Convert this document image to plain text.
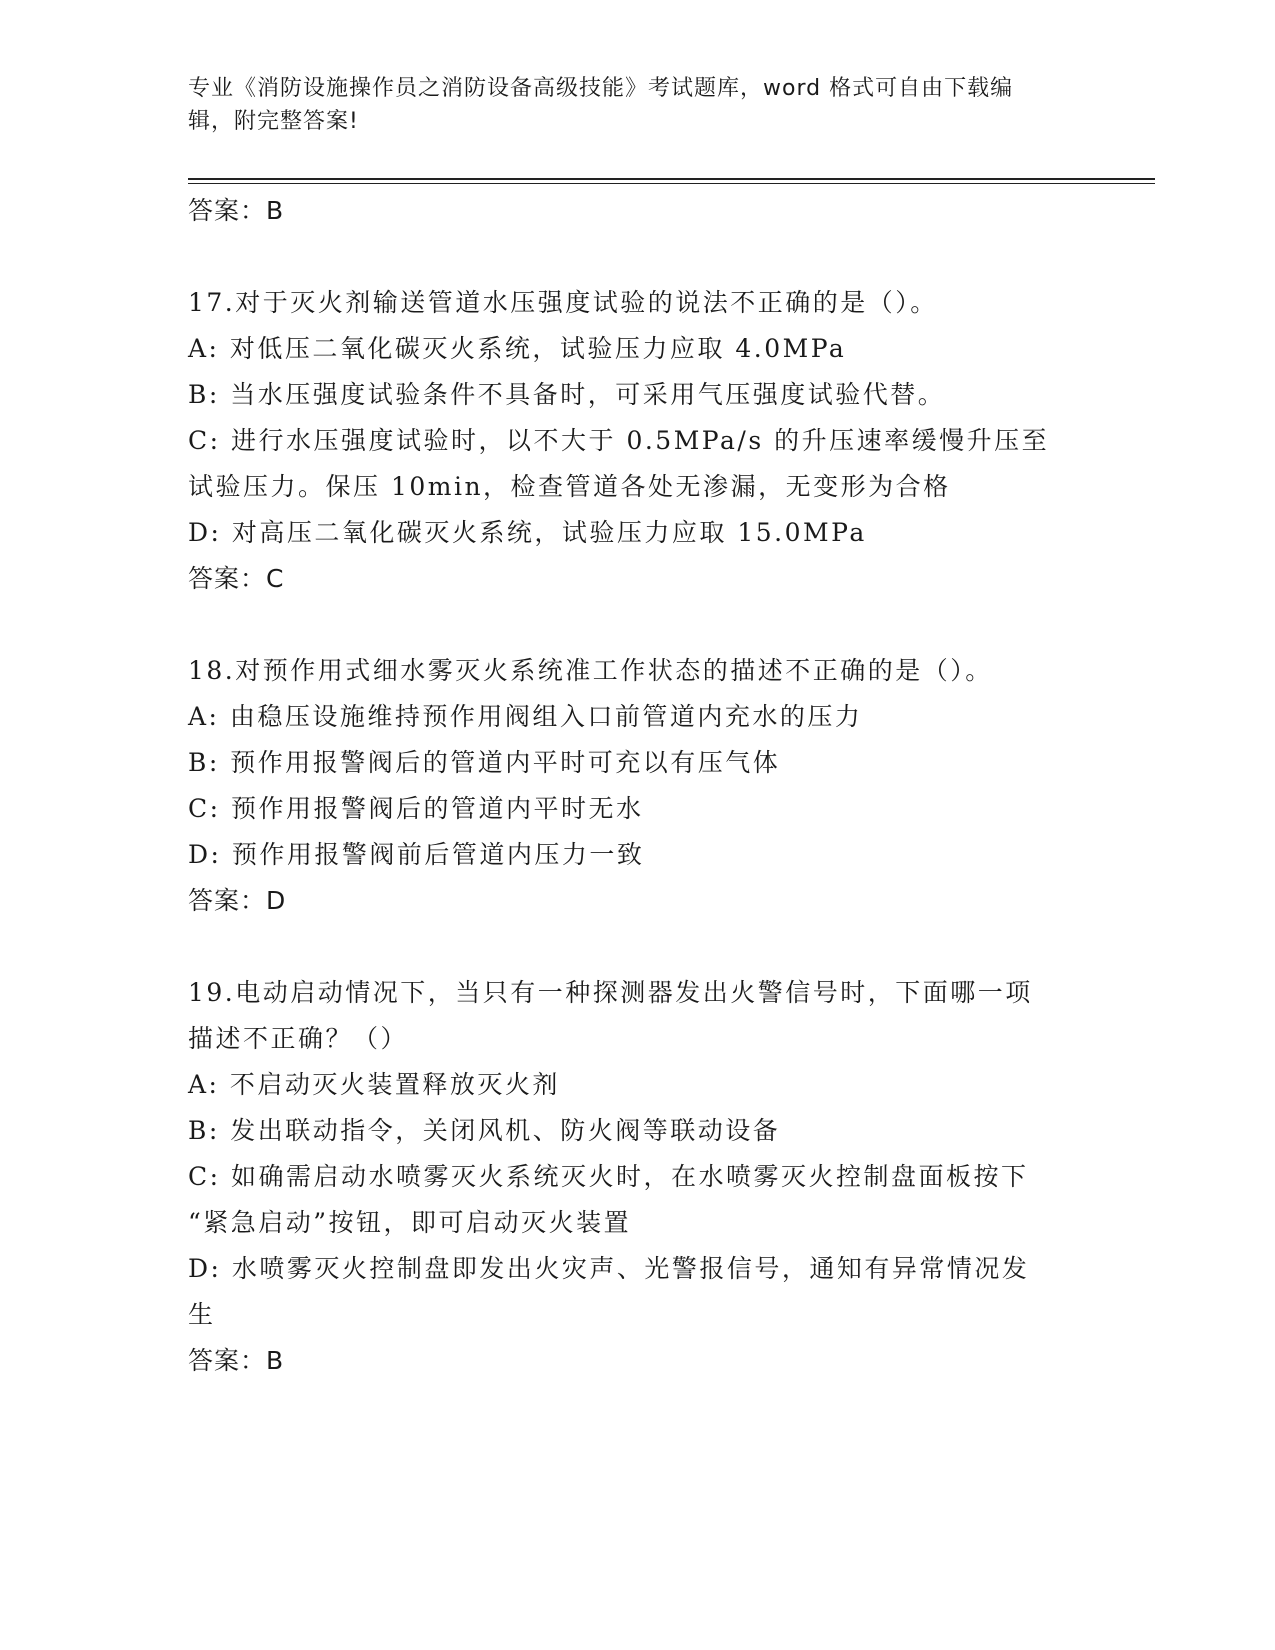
专业《消防设施操作员之消防设备高级技能》考试题库，word 格式可自由下载编
辑，附完整答案!
答案：B
17.对于灭火剂输送管道水压强度试验的说法不正确的是（）。
A: 对低压二氧化碳灭火系统，试验压力应取 4.0MPa
B: 当水压强度试验条件不具备时，可采用气压强度试验代替。
C: 进行水压强度试验时，以不大于 0.5MPa/s 的升压速率缓慢升压至
试验压力。保压 10min，检查管道各处无渗漏，无变形为合格
D: 对高压二氧化碳灭火系统，试验压力应取 15.0MPa
答案：C
18.对预作用式细水雾灭火系统准工作状态的描述不正确的是（）。
A: 由稳压设施维持预作用阀组入口前管道内充水的压力
B: 预作用报警阀后的管道内平时可充以有压气体
C: 预作用报警阀后的管道内平时无水
D: 预作用报警阀前后管道内压力一致
答案：D
19.电动启动情况下，当只有一种探测器发出火警信号时，下面哪一项
描述不正确？（）
A: 不启动灭火装置释放灭火剂
B: 发出联动指令，关闭风机、防火阀等联动设备
C: 如确需启动水喷雾灭火系统灭火时，在水喷雾灭火控制盘面板按下
“紧急启动”按钮，即可启动灭火装置
D: 水喷雾灭火控制盘即发出火灾声、光警报信号，通知有异常情况发
生
答案：B
